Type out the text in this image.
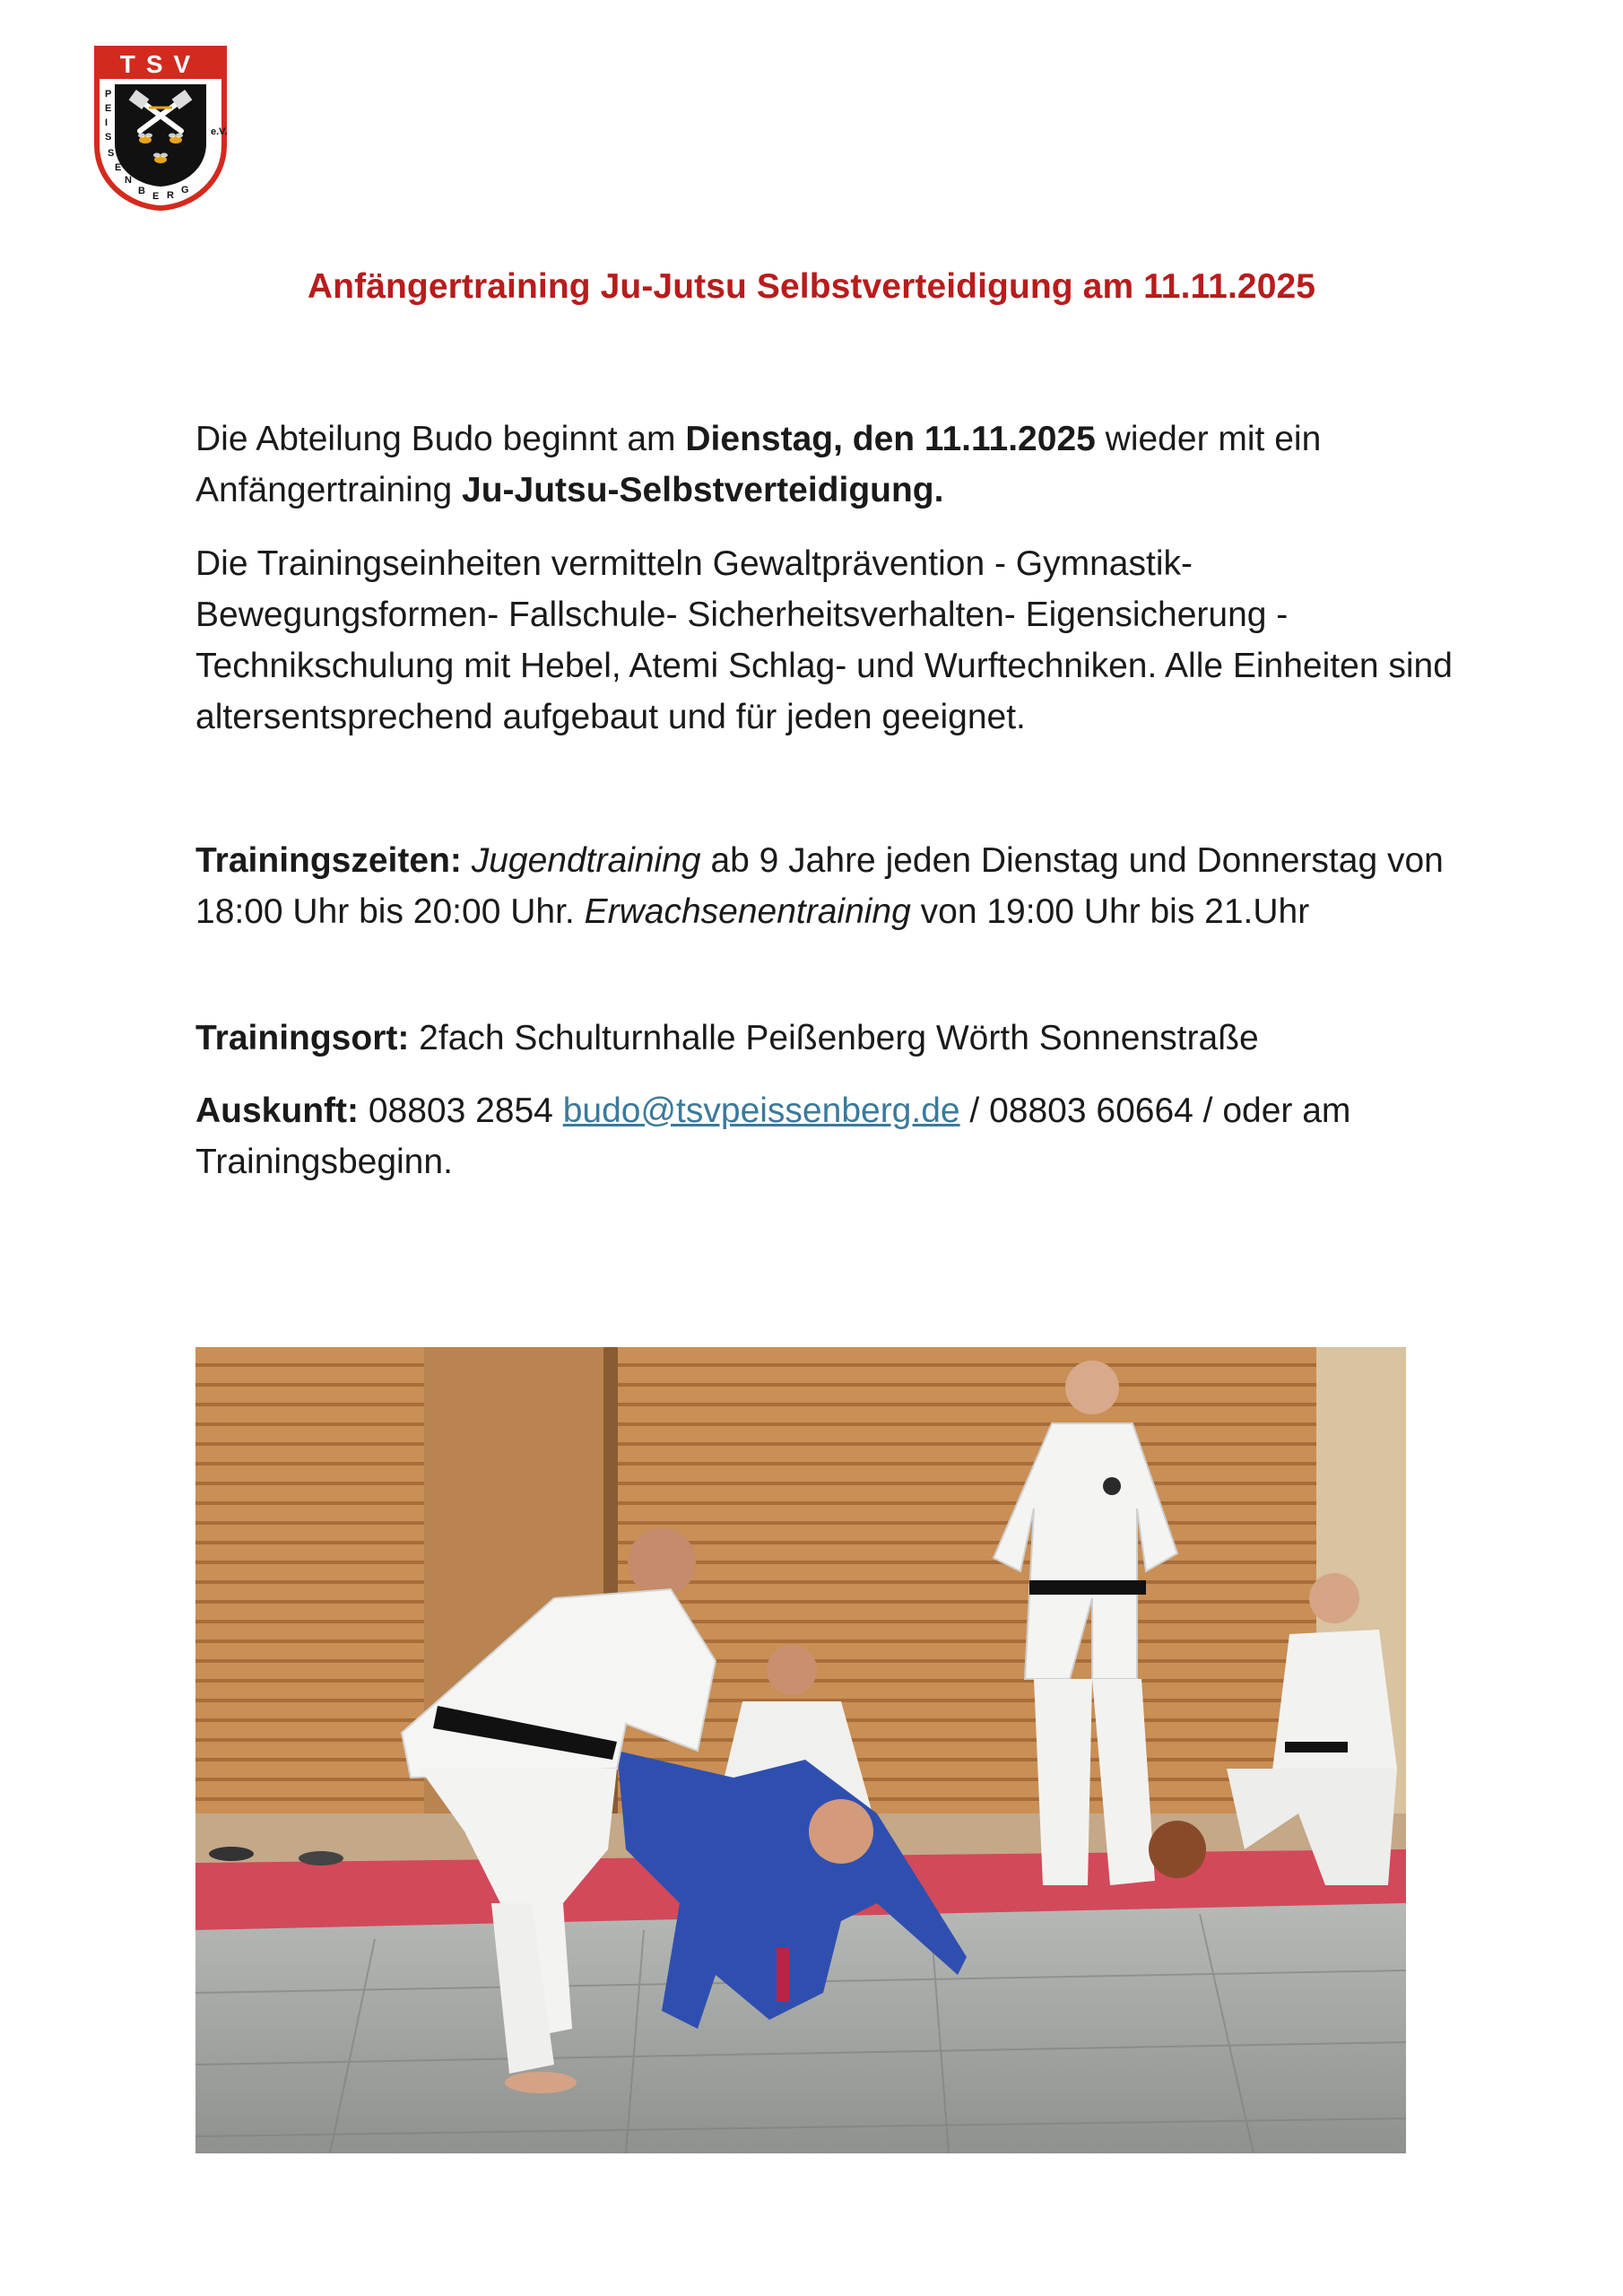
TSV
P
E
I
S
S
E
N
B E R G
e.V.
Anfängertraining Ju-Jutsu Selbstverteidigung am 11.11.2025

Die Abteilung Budo beginnt am Dienstag, den 11.11.2025 wieder mit ein Anfängertraining Ju-Jutsu-Selbstverteidigung.

Die Trainingseinheiten vermitteln Gewaltprävention - Gymnastik-Bewegungsformen- Fallschule- Sicherheitsverhalten- Eigensicherung - Technikschulung mit Hebel, Atemi Schlag- und Wurftechniken. Alle Einheiten sind altersentsprechend aufgebaut und für jeden geeignet.

Trainingszeiten: Jugendtraining ab 9 Jahre jeden Dienstag und Donnerstag von 18:00 Uhr bis 20:00 Uhr. Erwachsenentraining von 19:00 Uhr bis 21.Uhr

Trainingsort: 2fach Schulturnhalle Peißenberg Wörth Sonnenstraße

Auskunft: 08803 2854 budo@tsvpeissenberg.de / 08803 60664 / oder am Trainingsbeginn.
